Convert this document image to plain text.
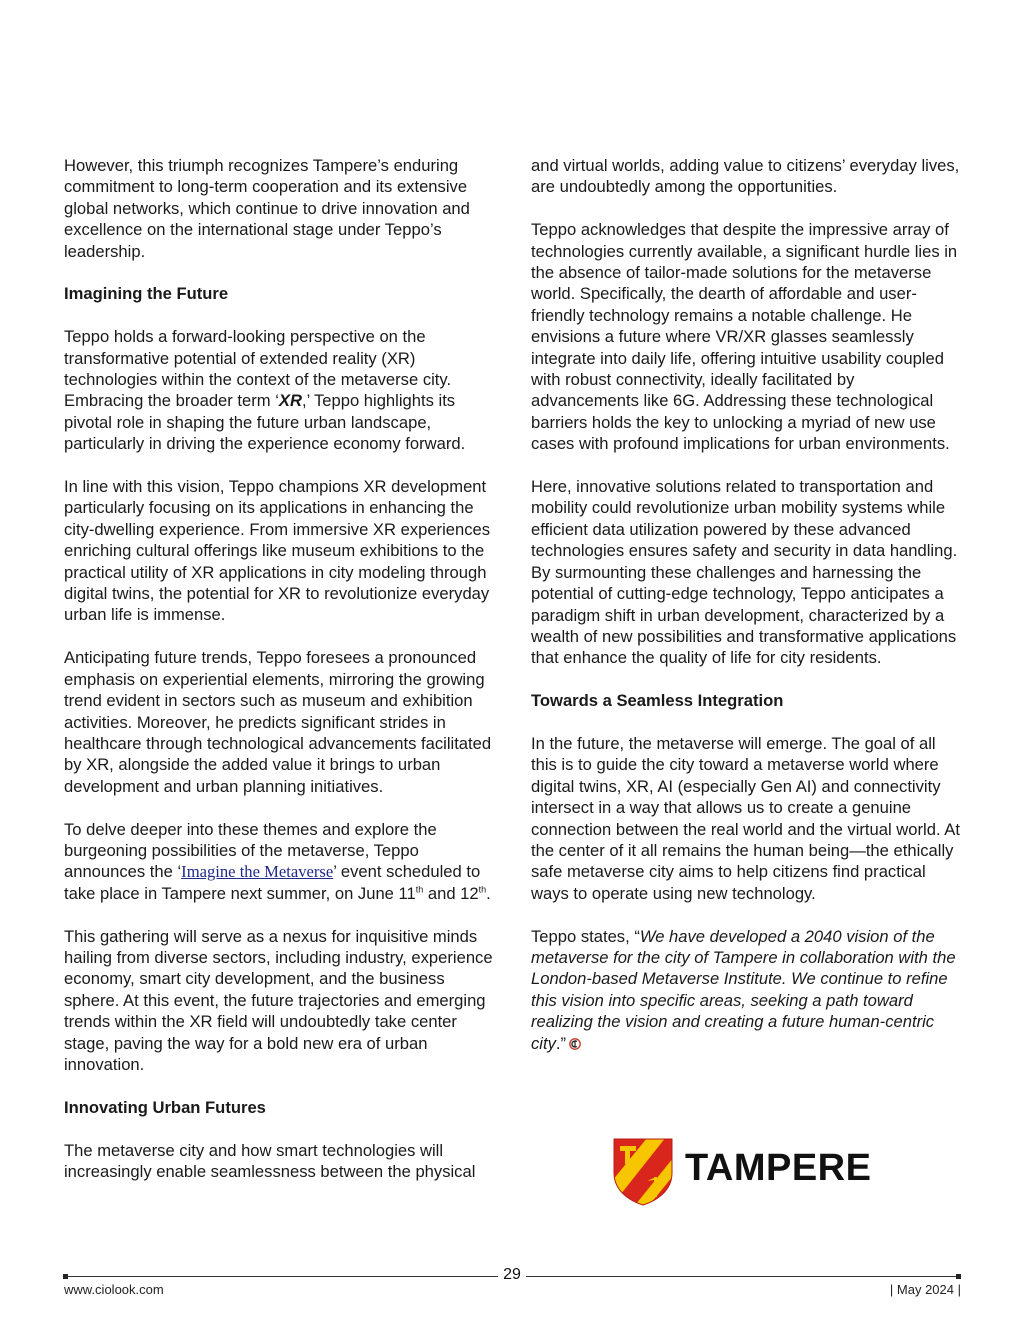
However, this triumph recognizes Tampere’s enduring commitment to long-term cooperation and its extensive global networks, which continue to drive innovation and excellence on the international stage under Teppo’s leadership.

Imagining the Future

Teppo holds a forward-looking perspective on the transformative potential of extended reality (XR) technologies within the context of the metaverse city. Embracing the broader term ‘XR,’ Teppo highlights its pivotal role in shaping the future urban landscape, particularly in driving the experience economy forward.

In line with this vision, Teppo champions XR development particularly focusing on its applications in enhancing the city-dwelling experience. From immersive XR experiences enriching cultural offerings like museum exhibitions to the practical utility of XR applications in city modeling through digital twins, the potential for XR to revolutionize everyday urban life is immense.

Anticipating future trends, Teppo foresees a pronounced emphasis on experiential elements, mirroring the growing trend evident in sectors such as museum and exhibition activities. Moreover, he predicts significant strides in healthcare through technological advancements facilitated by XR, alongside the added value it brings to urban development and urban planning initiatives.

To delve deeper into these themes and explore the burgeoning possibilities of the metaverse, Teppo announces the ‘Imagine the Metaverse’ event scheduled to take place in Tampere next summer, on June 11th and 12th.

This gathering will serve as a nexus for inquisitive minds hailing from diverse sectors, including industry, experience economy, smart city development, and the business sphere. At this event, the future trajectories and emerging trends within the XR field will undoubtedly take center stage, paving the way for a bold new era of urban innovation.

Innovating Urban Futures

The metaverse city and how smart technologies will increasingly enable seamlessness between the physical

and virtual worlds, adding value to citizens’ everyday lives, are undoubtedly among the opportunities.

Teppo acknowledges that despite the impressive array of technologies currently available, a significant hurdle lies in the absence of tailor-made solutions for the metaverse world. Specifically, the dearth of affordable and user-friendly technology remains a notable challenge. He envisions a future where VR/XR glasses seamlessly integrate into daily life, offering intuitive usability coupled with robust connectivity, ideally facilitated by advancements like 6G. Addressing these technological barriers holds the key to unlocking a myriad of new use cases with profound implications for urban environments.

Here, innovative solutions related to transportation and mobility could revolutionize urban mobility systems while efficient data utilization powered by these advanced technologies ensures safety and security in data handling. By surmounting these challenges and harnessing the potential of cutting-edge technology, Teppo anticipates a paradigm shift in urban development, characterized by a wealth of new possibilities and transformative applications that enhance the quality of life for city residents.

Towards a Seamless Integration

In the future, the metaverse will emerge. The goal of all this is to guide the city toward a metaverse world where digital twins, XR, AI (especially Gen AI) and connectivity intersect in a way that allows us to create a genuine connection between the real world and the virtual world. At the center of it all remains the human being—the ethically safe metaverse city aims to help citizens find practical ways to operate using new technology.

Teppo states, “We have developed a 2040 vision of the metaverse for the city of Tampere in collaboration with the London-based Metaverse Institute. We continue to refine this vision into specific areas, seeking a path toward realizing the vision and creating a future human-centric city.”

TAMPERE
29
www.ciolook.com	| May 2024 |
